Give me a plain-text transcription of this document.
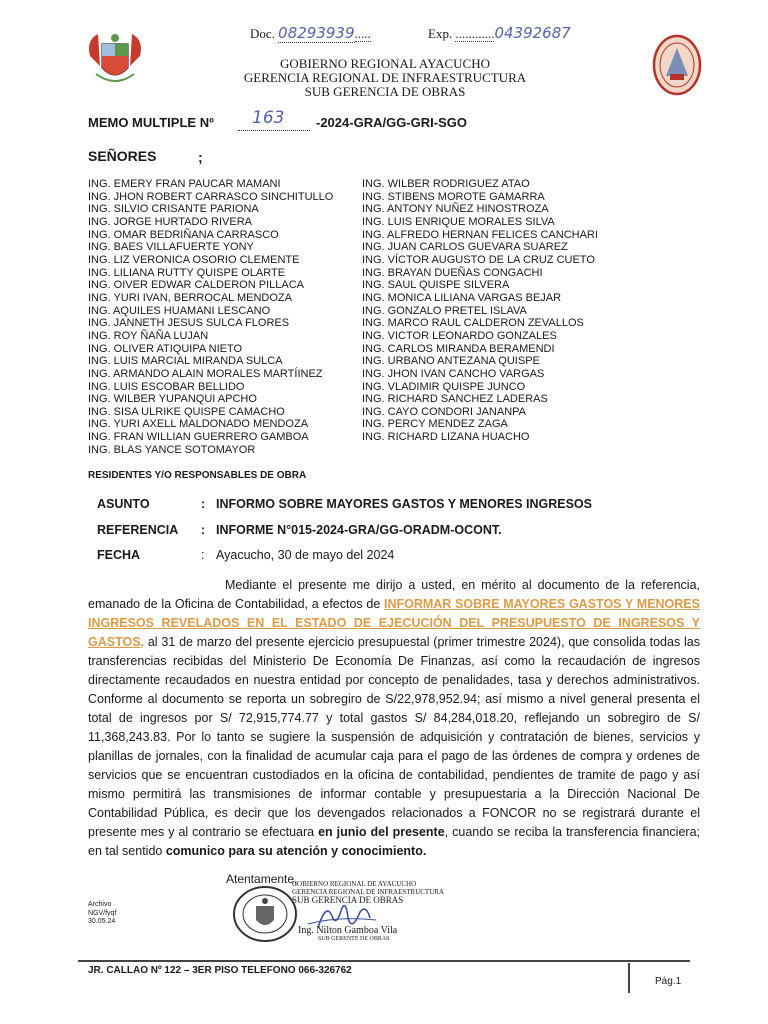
Doc. 08293939.....	Exp. ............04392687
GOBIERNO REGIONAL AYACUCHO
GERENCIA REGIONAL DE INFRAESTRUCTURA
SUB GERENCIA DE OBRAS
MEMO MULTIPLE Nº 163 -2024-GRA/GG-GRI-SGO
SEÑORES	;
ING. EMERY FRAN PAUCAR MAMANI
ING. JHON ROBERT CARRASCO SINCHITULLO
ING. SILVIO CRISANTE PARIONA
ING. JORGE HURTADO RIVERA
ING. OMAR BEDRIÑANA CARRASCO
ING. BAES VILLAFUERTE YONY
ING. LIZ VERONICA OSORIO CLEMENTE
ING. LILIANA RUTTY QUISPE OLARTE
ING. OIVER EDWAR CALDERON PILLACA
ING. YURI IVAN, BERROCAL MENDOZA
ING. AQUILES HUAMANI LESCANO
ING. JANNETH JESUS SULCA FLORES
ING. ROY ÑAÑA LUJAN
ING. OLIVER ATIQUIPA NIETO
ING. LUIS MARCIAL MIRANDA SULCA
ING. ARMANDO ALAIN MORALES MARTÍINEZ
ING. LUIS ESCOBAR BELLIDO
ING. WILBER YUPANQUI APCHO
ING. SISA ULRIKE QUISPE CAMACHO
ING. YURI AXELL MALDONADO MENDOZA
ING. FRAN WILLIAN GUERRERO GAMBOA
ING. BLAS YANCE SOTOMAYOR
ING. WILBER RODRIGUEZ ATAO
ING. STIBENS MOROTE GAMARRA
ING. ANTONY NUÑEZ HINOSTROZA
ING. LUIS ENRIQUE MORALES SILVA
ING. ALFREDO HERNAN FELICES CANCHARI
ING. JUAN CARLOS GUEVARA SUAREZ
ING. VÍCTOR AUGUSTO DE LA CRUZ CUETO
ING. BRAYAN DUEÑAS CONGACHI
ING. SAUL QUISPE SILVERA
ING. MONICA LILIANA VARGAS BEJAR
ING. GONZALO PRETEL ISLAVA
ING. MARCO RAUL CALDERON ZEVALLOS
ING. VICTOR LEONARDO GONZALES
ING. CARLOS MIRANDA BERAMENDI
ING. URBANO ANTEZANA QUISPE
ING. JHON IVAN CANCHO VARGAS
ING. VLADIMIR QUISPE JUNCO
ING. RICHARD SANCHEZ LADERAS
ING. CAYO CONDORI JANANPA
ING. PERCY MENDEZ ZAGA
ING. RICHARD LIZANA HUACHO
RESIDENTES Y/O RESPONSABLES DE OBRA
ASUNTO	: INFORMO SOBRE MAYORES GASTOS Y MENORES INGRESOS
REFERENCIA : INFORME N°015-2024-GRA/GG-ORADM-OCONT.
FECHA	: Ayacucho, 30 de mayo del 2024
Mediante el presente me dirijo a usted, en mérito al documento de la referencia, emanado de la Oficina de Contabilidad, a efectos de INFORMAR SOBRE MAYORES GASTOS Y MENORES INGRESOS REVELADOS EN EL ESTADO DE EJECUCIÓN DEL PRESUPUESTO DE INGRESOS Y GASTOS, al 31 de marzo del presente ejercicio presupuestal (primer trimestre 2024), que consolida todas las transferencias recibidas del Ministerio De Economía De Finanzas, así como la recaudación de ingresos directamente recaudados en nuestra entidad por concepto de penalidades, tasa y derechos administrativos. Conforme al documento se reporta un sobregiro de S/22,978,952.94; así mismo a nivel general presenta el total de ingresos por S/ 72,915,774.77 y total gastos S/ 84,284,018.20, reflejando un sobregiro de S/ 11,368,243.83. Por lo tanto se sugiere la suspensión de adquisición y contratación de bienes, servicios y planillas de jornales, con la finalidad de acumular caja para el pago de las órdenes de compra y ordenes de servicios que se encuentran custodiados en la oficina de contabilidad, pendientes de tramite de pago y así mismo permitirá las transmisiones de informar contable y presupuestaria a la Dirección Nacional De Contabilidad Pública, es decir que los devengados relacionados a FONCOR no se registrará durante el presente mes y al contrario se efectuara en junio del presente, cuando se reciba la transferencia financiera; en tal sentido comunico para su atención y conocimiento.
Atentamente,
GOBIERNO REGIONAL DE AYACUCHO
GERENCIA REGIONAL DE INFRAESTRUCTURA
SUB GERENCIA DE OBRAS
Ing. Nilton Gamboa Vila
SUB GERENTE DE OBRAS
Archivo
NGV/fyqf
30.05.24
JR. CALLAO Nº 122 – 3ER PISO TELEFONO 066-326762
Pág.1
